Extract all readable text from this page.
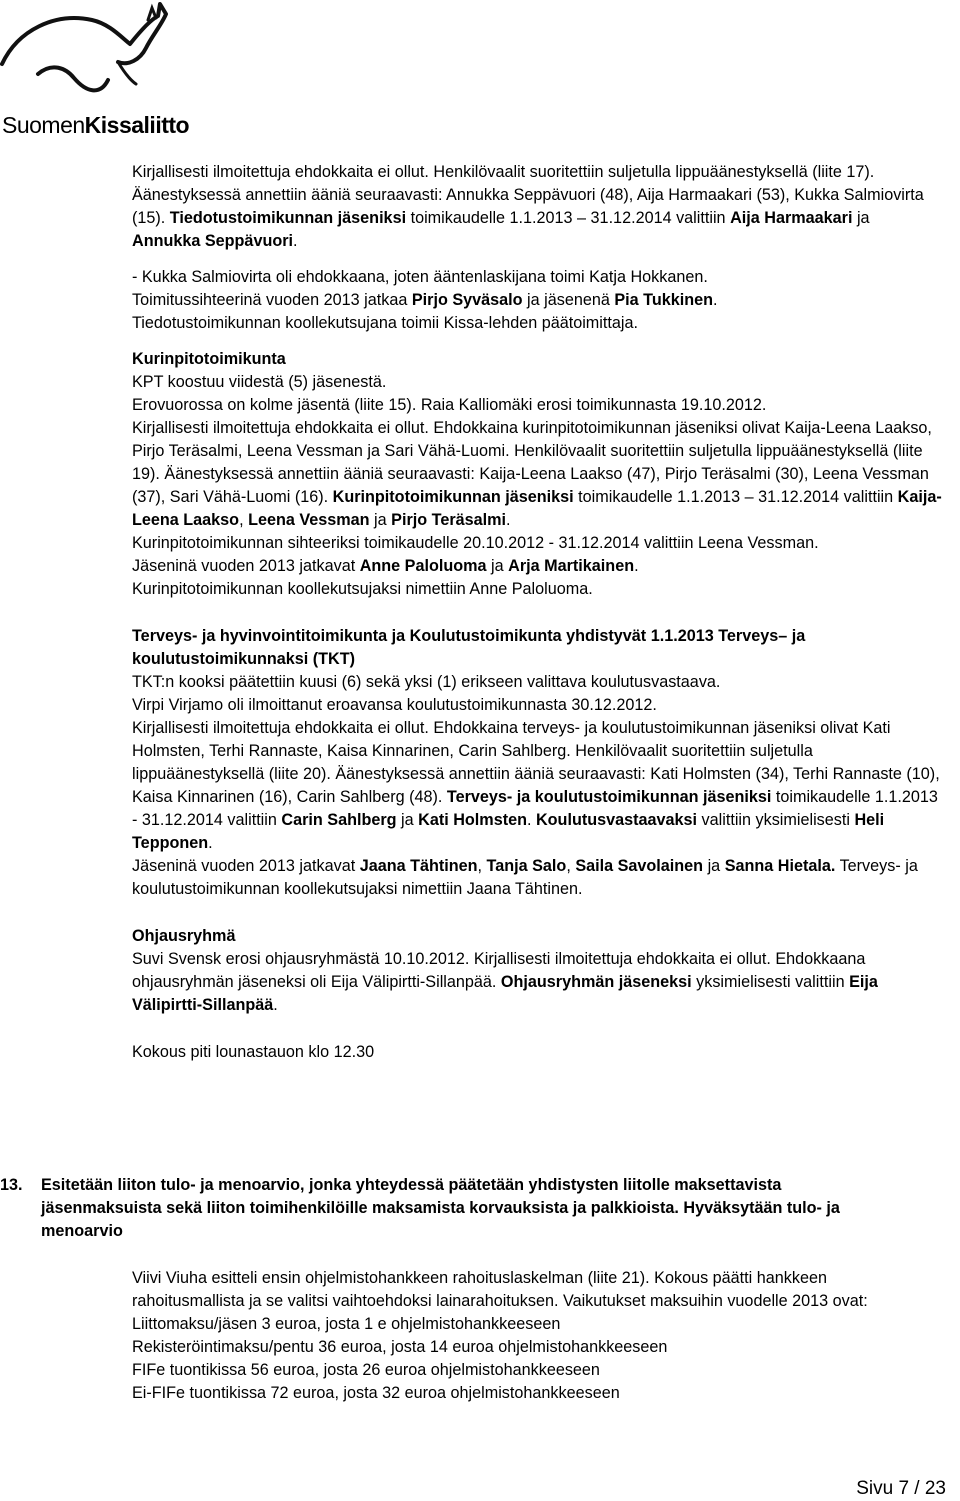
SuomenKissaliitto

Kirjallisesti ilmoitettuja ehdokkaita ei ollut. Henkilövaalit suoritettiin suljetulla lippuäänestyksellä (liite 17). Äänestyksessä annettiin ääniä seuraavasti: Annukka Seppävuori (48), Aija Harmaakari (53), Kukka Salmiovirta (15). Tiedotustoimikunnan jäseniksi toimikaudelle 1.1.2013 – 31.12.2014 valittiin Aija Harmaakari ja Annukka Seppävuori.

- Kukka Salmiovirta oli ehdokkaana, joten ääntenlaskijana toimi Katja Hokkanen.

Toimitussihteerinä vuoden 2013 jatkaa Pirjo Syväsalo ja jäsenenä Pia Tukkinen.

Tiedotustoimikunnan koollekutsujana toimii Kissa-lehden päätoimittaja.

Kurinpitotoimikunta

KPT koostuu viidestä (5) jäsenestä.

Erovuorossa on kolme jäsentä (liite 15). Raia Kalliomäki erosi toimikunnasta 19.10.2012.

Kirjallisesti ilmoitettuja ehdokkaita ei ollut. Ehdokkaina kurinpitotoimikunnan jäseniksi olivat Kaija-Leena Laakso, Pirjo Teräsalmi, Leena Vessman ja Sari Vähä-Luomi. Henkilövaalit suoritettiin suljetulla lippuäänestyksellä (liite 19). Äänestyksessä annettiin ääniä seuraavasti: Kaija-Leena Laakso (47), Pirjo Teräsalmi (30), Leena Vessman (37), Sari Vähä-Luomi (16). Kurinpitotoimikunnan jäseniksi toimikaudelle 1.1.2013 – 31.12.2014 valittiin Kaija-Leena Laakso, Leena Vessman ja Pirjo Teräsalmi.

Kurinpitotoimikunnan sihteeriksi toimikaudelle 20.10.2012 - 31.12.2014 valittiin Leena Vessman.

Jäseninä vuoden 2013 jatkavat Anne Paloluoma ja Arja Martikainen.

Kurinpitotoimikunnan koollekutsujaksi nimettiin Anne Paloluoma.

Terveys- ja hyvinvointitoimikunta ja Koulutustoimikunta yhdistyvät 1.1.2013 Terveys– ja koulutustoimikunnaksi (TKT)

TKT:n kooksi päätettiin kuusi (6) sekä yksi (1) erikseen valittava koulutusvastaava.

Virpi Virjamo oli ilmoittanut eroavansa koulutustoimikunnasta 30.12.2012.

Kirjallisesti ilmoitettuja ehdokkaita ei ollut. Ehdokkaina terveys- ja koulutustoimikunnan jäseniksi olivat Kati Holmsten, Terhi Rannaste, Kaisa Kinnarinen, Carin Sahlberg. Henkilövaalit suoritettiin suljetulla lippuäänestyksellä (liite 20). Äänestyksessä annettiin ääniä seuraavasti: Kati Holmsten (34), Terhi Rannaste (10), Kaisa Kinnarinen (16), Carin Sahlberg (48). Terveys- ja koulutustoimikunnan jäseniksi toimikaudelle 1.1.2013 - 31.12.2014 valittiin Carin Sahlberg ja Kati Holmsten. Koulutusvastaavaksi valittiin yksimielisesti Heli Tepponen.

Jäseninä vuoden 2013 jatkavat Jaana Tähtinen, Tanja Salo, Saila Savolainen ja Sanna Hietala. Terveys- ja koulutustoimikunnan koollekutsujaksi nimettiin Jaana Tähtinen.

Ohjausryhmä

Suvi Svensk erosi ohjausryhmästä 10.10.2012. Kirjallisesti ilmoitettuja ehdokkaita ei ollut. Ehdokkaana ohjausryhmän jäseneksi oli Eija Välipirtti-Sillanpää. Ohjausryhmän jäseneksi yksimielisesti valittiin Eija Välipirtti-Sillanpää.

Kokous piti lounastauon klo 12.30

13. Esitetään liiton tulo- ja menoarvio, jonka yhteydessä päätetään yhdistysten liitolle maksettavista jäsenmaksuista sekä liiton toimihenkilöille maksamista korvauksista ja palkkioista. Hyväksytään tulo- ja menoarvio

Viivi Viuha esitteli ensin ohjelmistohankkeen rahoituslaskelman (liite 21). Kokous päätti hankkeen rahoitusmallista ja se valitsi vaihtoehdoksi lainarahoituksen. Vaikutukset maksuihin vuodelle 2013 ovat:

Liittomaksu/jäsen 3 euroa, josta 1 e ohjelmistohankkeeseen

Rekisteröintimaksu/pentu 36 euroa, josta 14 euroa ohjelmistohankkeeseen

FIFe tuontikissa 56 euroa, josta 26 euroa ohjelmistohankkeeseen

Ei-FIFe tuontikissa 72 euroa, josta 32 euroa ohjelmistohankkeeseen

Sivu 7 / 23
